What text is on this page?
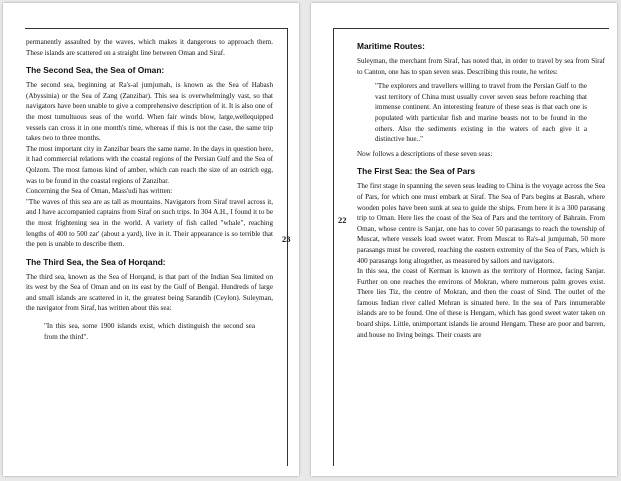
23

permanently assaulted by the waves, which makes it dangerous to approach them. These islands are scattered on a straight line between Oman and Siraf.

The Second Sea, the Sea of Oman:

The second sea, beginning at Ra's-al jumjumah, is known as the Sea of Habash (Abyssinia) or the Sea of Zang (Zanzibar). This sea is overwhelmingly vast, so that navigators have been unable to give a comprehensive description of it. It is also one of the most tumultuous seas of the world. When fair winds blow, large,wellequipped vessels can cross it in one month's time, whereas if this is not the case, the same trip takes two to three months.

The most important city in Zanzibar bears the same name. In the days in question here, it had commercial relations with the coastal regions of the Persian Gulf and the Sea of Qolzom. The most famous kind of amber, which can reach the size of an ostrich egg, was to be found in the coastal regions of Zanzibar.

Concerning the Sea of Oman, Mass'udi has written:

"The waves of this sea are as tall as mountains. Navigators from Siraf travel across it, and I have accompanied captains from Siraf on such trips. In 304 A.H., I found it to be the most frightening sea in the world. A variety of fish called "whale", reaching lengths of 400 to 500 zar' (about a yard), live in it. Their appearance is so terrible that the pen is unable to describe them.

The Third Sea, the Sea of Horqand:

The third sea, known as the Sea of Horqand, is that part of the Indian Sea limited on its west by the Sea of Oman and on its east by the Gulf of Bengal. Hundreds of large and small islands are scattered in it, the greatest being Sarandib (Ceylon). Suleyman, the navigator from Siraf, has written about this sea:

"In this sea, some 1900 islands exist, which distinguish the second sea from the third".

22
Maritime Routes:

Suleyman, the merchant from Siraf, has noted that, in order to travel by sea from Siraf to Canton, one has to span seven seas. Describing this route, he writes:

"The explorers and travellers willing to travel from the Persian Gulf to the vast territory of China must usually cover seven seas before reaching that immense continent. An interesting feature of these seas is that each one is populated with particular fish and marine beasts not to be found in the others. Also the sediments existing in the waters of each give it a distinctive hue.."

Now follows a descriptions of these seven seas:

The First Sea: the Sea of Pars

The first stage in spanning the seven seas leading to China is the voyage across the Sea of Pars, for which one must embark at Siraf. The Sea of Pars begins at Basrah, where wooden poles have been sunk at sea to guide the ships. From here it is a 300 parasang trip to Oman. Here lies the coast of the Sea of Pars and the territory of Bahrain. From Oman, whose centre is Sanjar, one has to cover 50 parasangs to reach the township of Muscat, where vessels load sweet water. From Muscat to Ra's-al jumjumah, 50 more parasangs must be covered, reaching the eastern extremity of the Sea of Pars, which is 400 parasangs long altogether, as measured by sailors and navigators.

In this sea, the coast of Kerman is known as the territory of Hormoz, facing Sanjar. Further on one reaches the environs of Mokran, where numerous palm groves exist. There lies Tiz, the centre of Mokran, and then the coast of Sind. The outlet of the famous Indian river called Mehran is situated here. In the sea of Pars innumerable islands are to be found. One of these is Hengam, which has good sweet water taken on board ships. Little, unimportant islands lie around Hengam. These are poor and barren, and house no living beings. Their coasts are
